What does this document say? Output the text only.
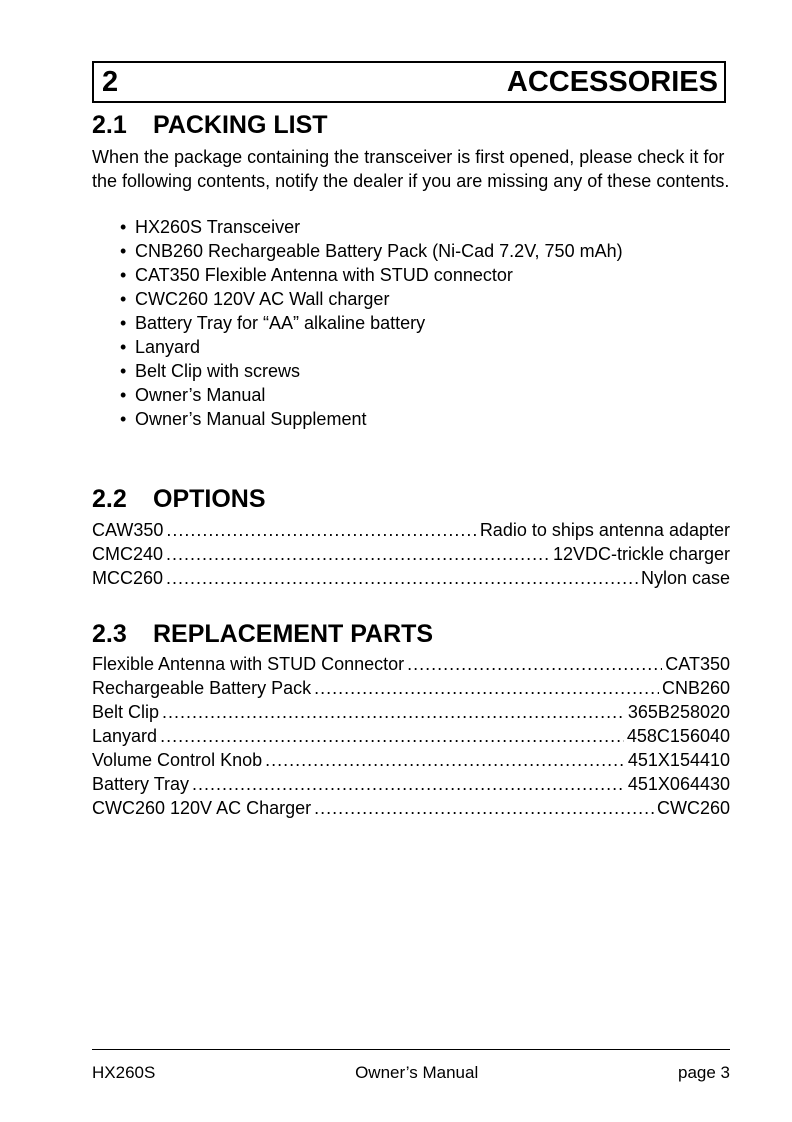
2	ACCESSORIES
2.1 PACKING LIST

When the package containing the transceiver is first opened, please check it for the following contents, notify the dealer if you are missing any of these contents.

• HX260S Transceiver
• CNB260 Rechargeable Battery Pack (Ni-Cad 7.2V, 750 mAh)
• CAT350 Flexible Antenna with STUD connector
• CWC260 120V AC Wall charger
• Battery Tray for “AA” alkaline battery
• Lanyard
• Belt Clip with screws
• Owner’s Manual
• Owner’s Manual Supplement
2.2 OPTIONS
CAW350 .....	Radio to ships antenna adapter
CMC240 .....	12VDC-trickle charger
MCC260 .....	Nylon case
2.3 REPLACEMENT PARTS
Flexible Antenna with STUD Connector .....	CAT350
Rechargeable Battery Pack .....	CNB260
Belt Clip .....	365B258020
Lanyard .....	458C156040
Volume Control Knob .....	451X154410
Battery Tray .....	451X064430
CWC260 120V AC Charger .....	CWC260
HX260S	Owner’s Manual	page 3
